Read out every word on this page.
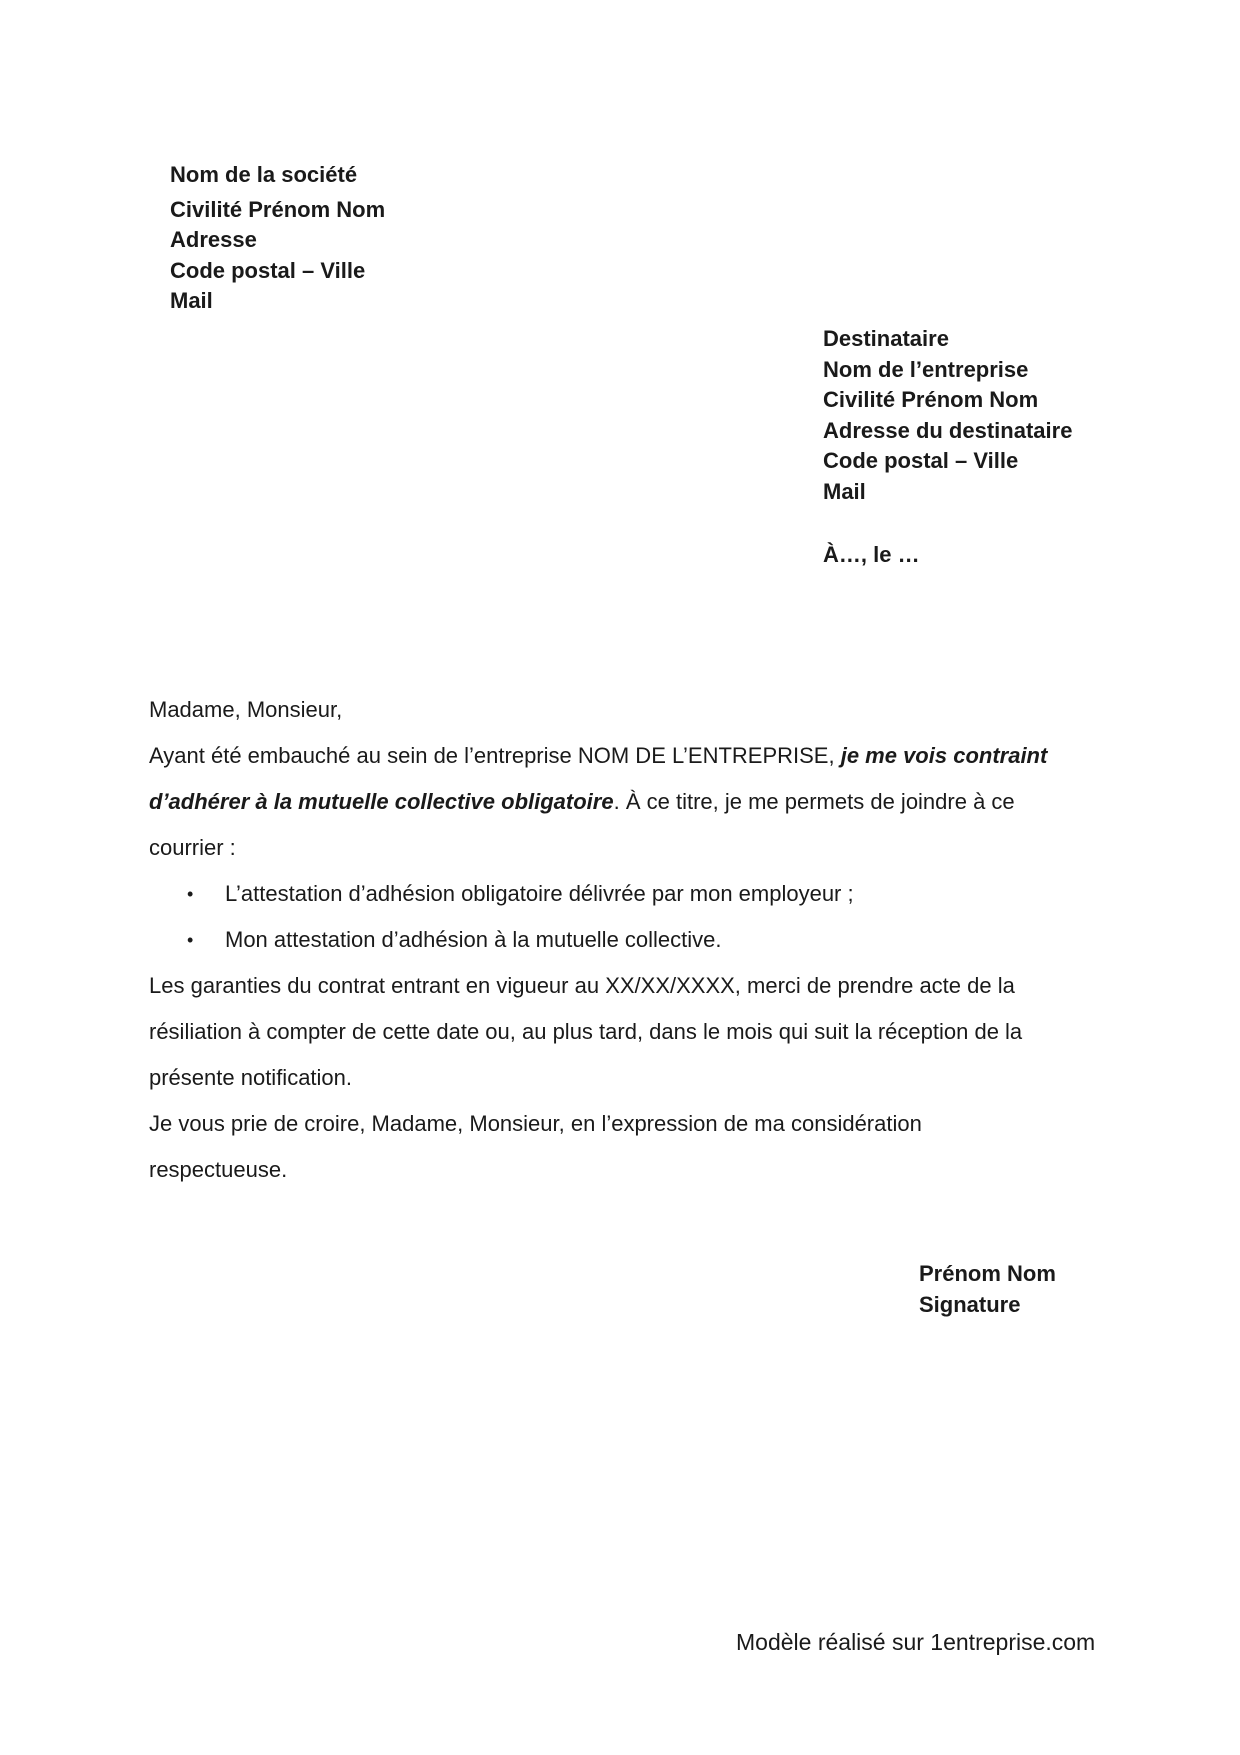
Nom de la société
Civilité Prénom Nom
Adresse
Code postal – Ville
Mail
Destinataire
Nom de l’entreprise
Civilité Prénom Nom
Adresse du destinataire
Code postal – Ville
Mail
À…, le …

Madame, Monsieur,

Ayant été embauché au sein de l’entreprise NOM DE L’ENTREPRISE, je me vois contraint
d’adhérer à la mutuelle collective obligatoire. À ce titre, je me permets de joindre à ce
courrier :

• L’attestation d’adhésion obligatoire délivrée par mon employeur ;
• Mon attestation d’adhésion à la mutuelle collective.

Les garanties du contrat entrant en vigueur au XX/XX/XXXX, merci de prendre acte de la
résiliation à compter de cette date ou, au plus tard, dans le mois qui suit la réception de la
présente notification.

Je vous prie de croire, Madame, Monsieur, en l’expression de ma considération
respectueuse.

Prénom Nom
Signature
Modèle réalisé sur 1entreprise.com
